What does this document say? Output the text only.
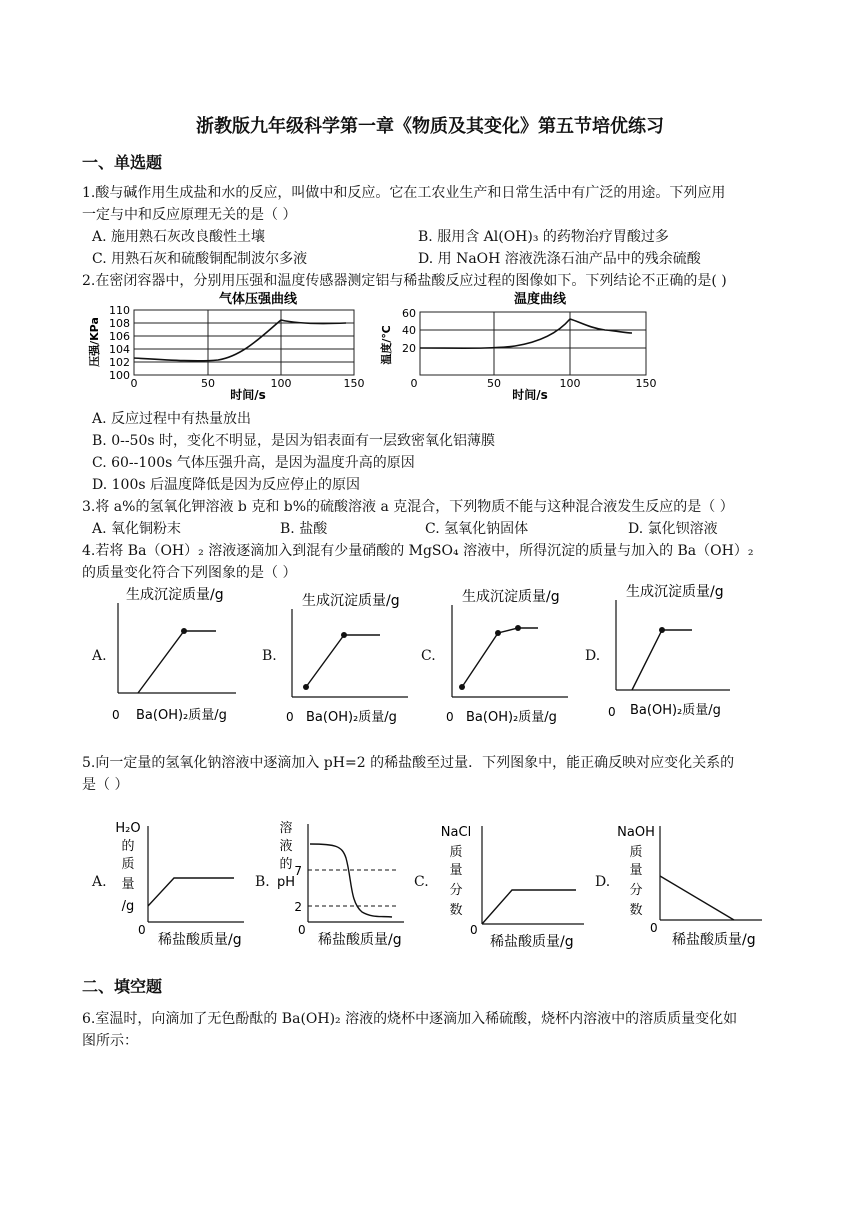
浙教版九年级科学第一章《物质及其变化》第五节培优练习
一、单选题
1.酸与碱作用生成盐和水的反应，叫做中和反应。它在工农业生产和日常生活中有广泛的用途。下列应用
一定与中和反应原理无关的是（ ）
A. 施用熟石灰改良酸性土壤	B. 服用含 Al(OH)₃ 的药物治疗胃酸过多
C. 用熟石灰和硫酸铜配制波尔多液	D. 用 NaOH 溶液洗涤石油产品中的残余硫酸
2.在密闭容器中，分别用压强和温度传感器测定铝与稀盐酸反应过程的图像如下。下列结论不正确的是( )
气体压强曲线
110
108
106
104
102
100
0	50	100	150
时间/s
压强/KPa
温度曲线
60
40
20
0	50	100	150
时间/s
温度/℃
A. 反应过程中有热量放出
B. 0--50s 时，变化不明显，是因为铝表面有一层致密氧化铝薄膜
C. 60--100s 气体压强升高，是因为温度升高的原因
D. 100s 后温度降低是因为反应停止的原因
3.将 a%的氢氧化钾溶液 b 克和 b%的硫酸溶液 a 克混合，下列物质不能与这种混合液发生反应的是（ ）
A. 氧化铜粉末	B. 盐酸	C. 氢氧化钠固体	D. 氯化钡溶液
4.若将 Ba（OH）₂ 溶液逐滴加入到混有少量硝酸的 MgSO₄ 溶液中，所得沉淀的质量与加入的 Ba（OH）₂
的质量变化符合下列图象的是（ ）
A.
生成沉淀质量/g
0 Ba(OH)₂质量/g
B.
生成沉淀质量/g
0 Ba(OH)₂质量/g
C.
生成沉淀质量/g
0 Ba(OH)₂质量/g
D.
生成沉淀质量/g
0 Ba(OH)₂质量/g
5.向一定量的氢氧化钠溶液中逐滴加入 pH=2 的稀盐酸至过量．下列图象中，能正确反映对应变化关系的
是（ ）
A.
H₂O
的
质
量
/g
0
稀盐酸质量/g
B.
溶
液
的
pH
7
2
0
稀盐酸质量/g
C.
NaCl
质
量
分
数
0
稀盐酸质量/g
D.
NaOH
质
量
分
数
0
稀盐酸质量/g
二、填空题
6.室温时，向滴加了无色酚酞的 Ba(OH)₂ 溶液的烧杯中逐滴加入稀硫酸，烧杯内溶液中的溶质质量变化如
图所示：
